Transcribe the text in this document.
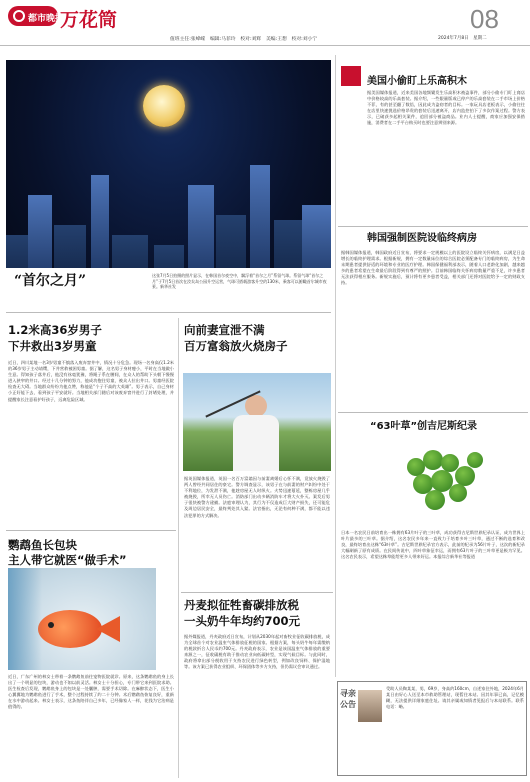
都市晚报
万花筒	08
值班主任:张峰嵘　编辑:马菲玲　校对:刘辉　美编:王想　校对:刘小宁	2024年7月8日　星期二
“首尔之月”	这张7月5日拍摄的照片显示，在韩国首尔夜空中，飘浮着“首尔之月”系留气球。系留气球“首尔之月”于7月5日首次在汝矣岛公园升空运营，气球可搭载游客升空约130米，乘客可以俯瞰首尔城市夜景。新华社发
1.2米高36岁男子
下井救出3岁男童
近日，四川某地一名3岁男童不慎落入废弃窨井中，情况十分危急。现场一名身高仅1.2米的36岁男子主动请缨，下井营救被困男童。据了解，这名男子身材瘦小，平时在当地做小生意。得知孩子落井后，他没有丝毫犹豫，将绳子系在腰间，在众人的帮助下头朝下慢慢进入狭窄的井口。经过十几分钟的努力，他成功抱住男童，被众人拉出井口。男童经医院检查无大碍。当地群众纷纷为他点赞，称他是“个子不高的大英雄”。男子表示，自己身材小正好能下去，看到孩子平安就好。当地相关部门随后对该废弃窨井进行了封堵处理，并提醒家长注意看护好孩子，远离危险区域。
向前妻宣泄不满
百万富翁放火烧房子
据英国媒体报道，英国一名百万富翁因与前妻离婚后心怀不满，竟放火烧毁了两人曾经共同居住的豪宅。警方调查显示，该男子在与前妻的财产纠纷中处于不利地位，为发泄不满，他趁房屋无人时纵火。火势迅速蔓延，整栋房屋几乎被烧毁，所幸无人员伤亡。消防部门出动多辆消防车才将大火扑灭。案发后男子很快被警方逮捕。法庭审理认为，其行为不仅造成巨大财产损失，还可能危及周边居民安全，最终判处其入狱。法官指出，无论有何种不满，都不能以违法犯罪的方式解决。
鹦鹉鱼长包块
主人带它就医“做手术”
近日，广东广州的林女士带着一条鹦鹉鱼前往宠物医院就诊。原来，这条鹦鹉鱼的身上长出了一个明显的包块，游动也不如以前灵活。林女士十分担心，专门带它来到医院求助。医生检查后发现，鹦鹉鱼身上的包块是一处囊肿，需要手术切除。在麻醉状态下，医生小心翼翼地为鹦鹉鱼进行了手术，整个过程持续了约二十分钟。术后鹦鹉鱼恢复良好，重新在水中游动起来。林女士表示，这条鱼陪伴自己多年，已经像家人一样，花钱为它治病是值得的。
丹麦拟征牲畜碳排放税
一头奶牛年均约700元
据外媒报道，丹麦政府近日宣布，计划从2030年起对畜牧业征收碳排放税，成为全球首个对农业温室气体排放征税的国家。根据方案，每头奶牛每年需缴纳的税款折合人民币约700元。丹麦政府表示，农业是该国温室气体排放的重要来源之一，征收碳税有助于推动农业向低碳转型，实现气候目标。与此同时，政府将拿出部分税收用于支持农民进行绿色转型，例如改良饲料、保护湿地等。该方案已获得农业组织、环保团体等多方支持，但仍需议会审议通过。
美国小偷盯上乐高积木
据美国媒体报道，近来美国各地频繁发生乐高积木被盗事件，部分小偷专门盯上商店中价格较高的乐高套装。据介绍，一些限量版或已停产的乐高套装在二手市场上价格不菲，有的甚至翻了数倍，因此成为盗窃者的目标。一家玩具店老板表示，小偷往往在店里快速挑选价格昂贵的套装后迅速离开，店内监控拍下了多次作案过程。警方表示，已破获多起相关案件，追回部分被盗商品。业内人士提醒，商家应加强安保措施，消费者在二手平台购买时也要注意辨别来源。
韩国强制医院设临终病房
据韩国媒体报道，韩国政府近日宣布，将要求一定规模以上的医院设立临终关怀病房，以满足日益增长的临终护理需求。根据新规，拥有一定数量床位的综合医院必须配备专门的临终病房，为生命末期患者提供舒适的环境和专业的医疗护理。韩国保健福利部表示，随着人口老龄化加剧，越来越多的患者希望在生命最后阶段得到有尊严的照护。目前韩国临终关怀病房数量严重不足，许多患者无法获得相应服务。新规实施后，预计将有更多患者受益，相关部门还将对医院给予一定的财政支持。
“63叶草”创吉尼斯纪录
日本一名农民日前培育出一株拥有63片叶子的三叶草，成功获得吉尼斯世界纪录认证，成为世界上叶片最多的三叶草。据介绍，这名农民多年来一直致力于培育多叶三叶草，通过不断的选育和改良，最终培育出这株“63叶草”。吉尼斯世界纪录官方表示，此前的纪录为56片叶子，这次的新纪录大幅刷新了原有成绩。在民间传说中，四叶草象征幸运，而拥有63片叶子的三叶草更是极为罕见。这名农民表示，希望这株草能给更多人带来好运。本报综合新华社等报道
寻亲公告
受助人员陶某某，男，69岁，身高约160cm，自述家住外地，2024年6月某日由好心人送至本市救助管理站，现暂住本站。因其年事已高，记忆模糊，无法提供详细家庭住址。请其亲属或知情者见报后与本站联系。联系电话：略。
